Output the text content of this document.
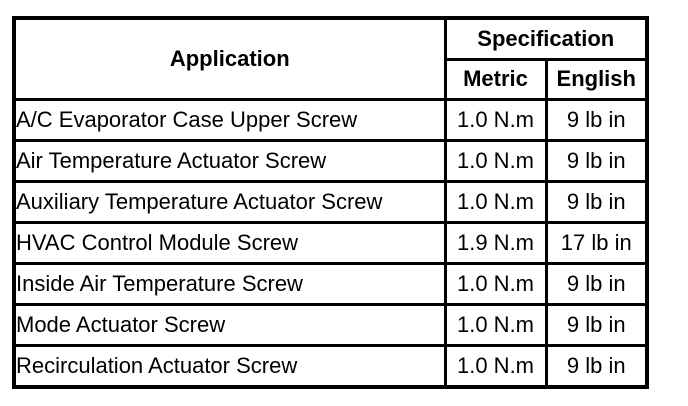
Application	Specification	
	Metric	English
A/C Evaporator Case Upper Screw	1.0 N.m	9 lb in
Air Temperature Actuator Screw	1.0 N.m	9 lb in
Auxiliary Temperature Actuator Screw	1.0 N.m	9 lb in
HVAC Control Module Screw	1.9 N.m	17 lb in
Inside Air Temperature Screw	1.0 N.m	9 lb in
Mode Actuator Screw	1.0 N.m	9 lb in
Recirculation Actuator Screw	1.0 N.m	9 lb in
